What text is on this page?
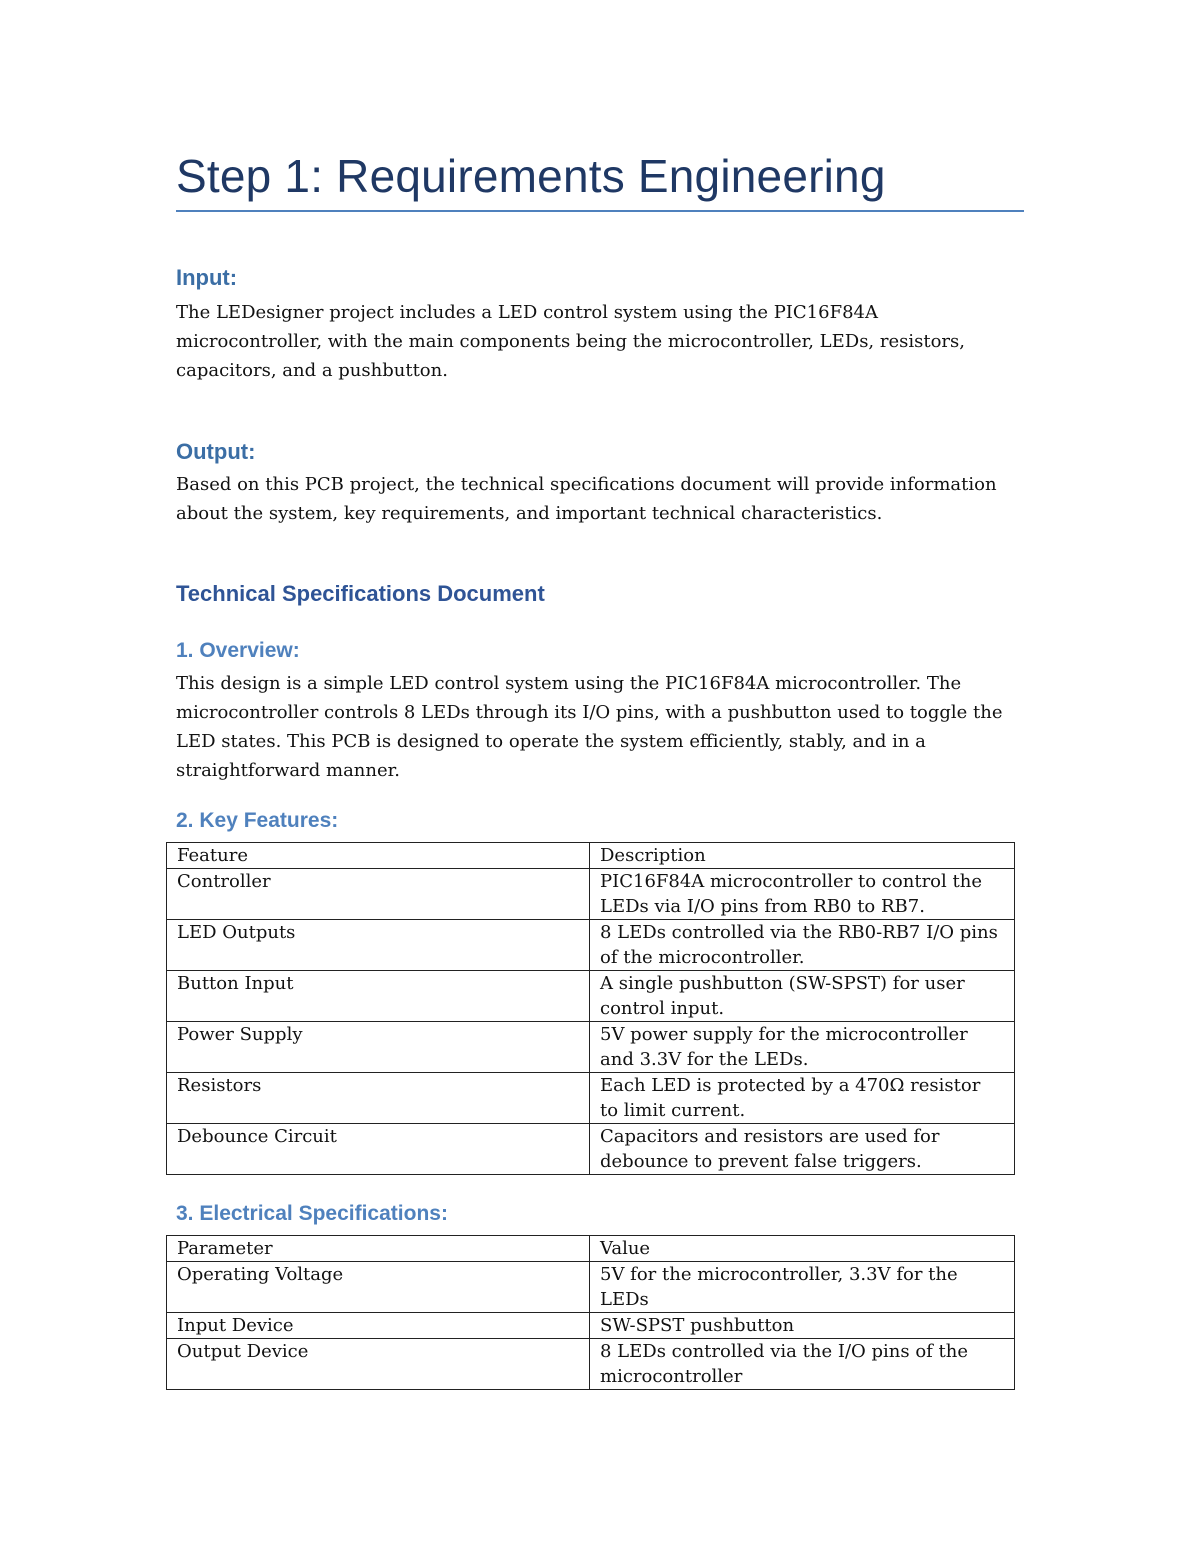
Step 1: Requirements Engineering
Input:

The LEDesigner project includes a LED control system using the PIC16F84A

microcontroller, with the main components being the microcontroller, LEDs, resistors,

capacitors, and a pushbutton.

Output:

Based on this PCB project, the technical specifications document will provide information

about the system, key requirements, and important technical characteristics.

Technical Specifications Document
1. Overview:

This design is a simple LED control system using the PIC16F84A microcontroller. The

microcontroller controls 8 LEDs through its I/O pins, with a pushbutton used to toggle the

LED states. This PCB is designed to operate the system efficiently, stably, and in a

straightforward manner.

2. Key Features:
Feature	Description
Controller	PIC16F84A microcontroller to control the
LEDs via I/O pins from RB0 to RB7.

LED Outputs	8 LEDs controlled via the RB0-RB7 I/O pins
of the microcontroller.

Button Input	A single pushbutton (SW-SPST) for user
control input.

Power Supply	5V power supply for the microcontroller
and 3.3V for the LEDs.

Resistors	Each LED is protected by a 470Ω resistor
to limit current.

Debounce Circuit	Capacitors and resistors are used for
debounce to prevent false triggers.
3. Electrical Specifications:
Parameter	Value
Operating Voltage	5V for the microcontroller, 3.3V for the
LEDs

Input Device	SW-SPST pushbutton

Output Device	8 LEDs controlled via the I/O pins of the
microcontroller
